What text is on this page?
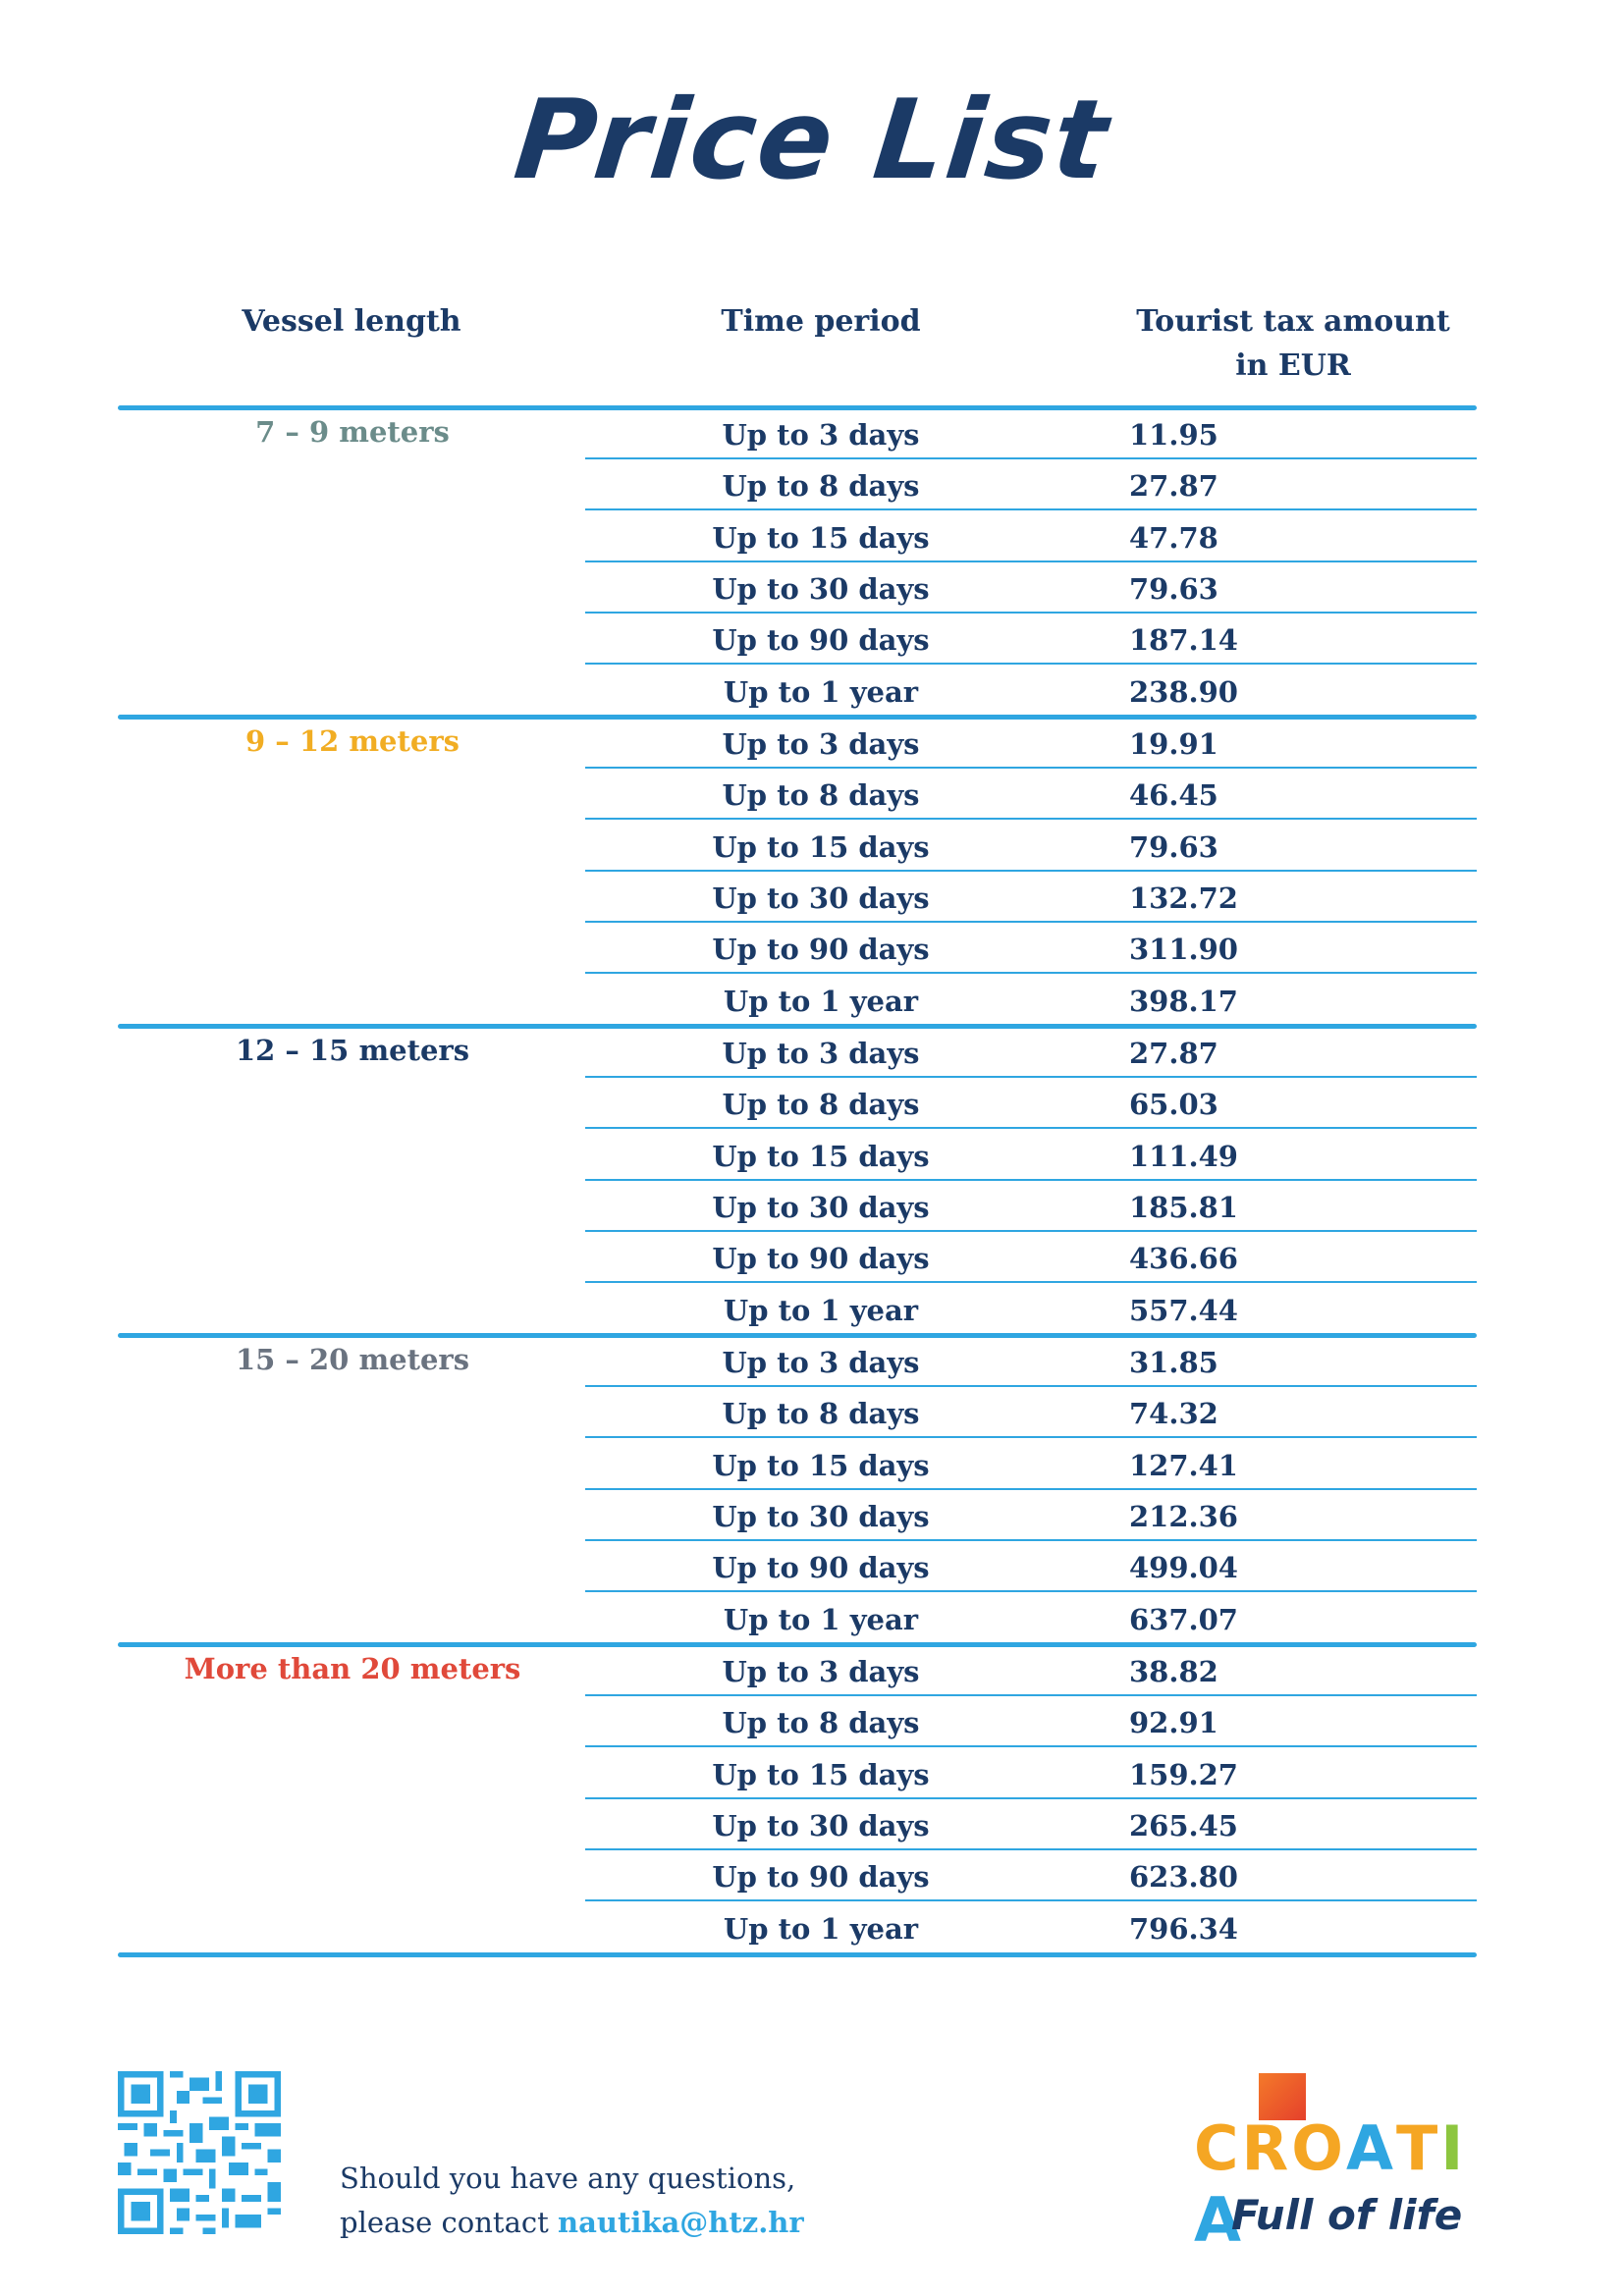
Price List
Vessel length	Time period	Tourist tax amount
in EUR
7 – 9 meters	Up to 3 days	11.95
Up to 8 days	27.87
Up to 15 days	47.78
Up to 30 days	79.63
Up to 90 days	187.14
Up to 1 year	238.90
9 – 12 meters	Up to 3 days	19.91
Up to 8 days	46.45
Up to 15 days	79.63
Up to 30 days	132.72
Up to 90 days	311.90
Up to 1 year	398.17
12 – 15 meters	Up to 3 days	27.87
Up to 8 days	65.03
Up to 15 days	111.49
Up to 30 days	185.81
Up to 90 days	436.66
Up to 1 year	557.44
15 – 20 meters	Up to 3 days	31.85
Up to 8 days	74.32
Up to 15 days	127.41
Up to 30 days	212.36
Up to 90 days	499.04
Up to 1 year	637.07
More than 20 meters	Up to 3 days	38.82
Up to 8 days	92.91
Up to 15 days	159.27
Up to 30 days	265.45
Up to 90 days	623.80
Up to 1 year	796.34
Should you have any questions,
please contact nautika@htz.hr
CROATIA
Full of life
